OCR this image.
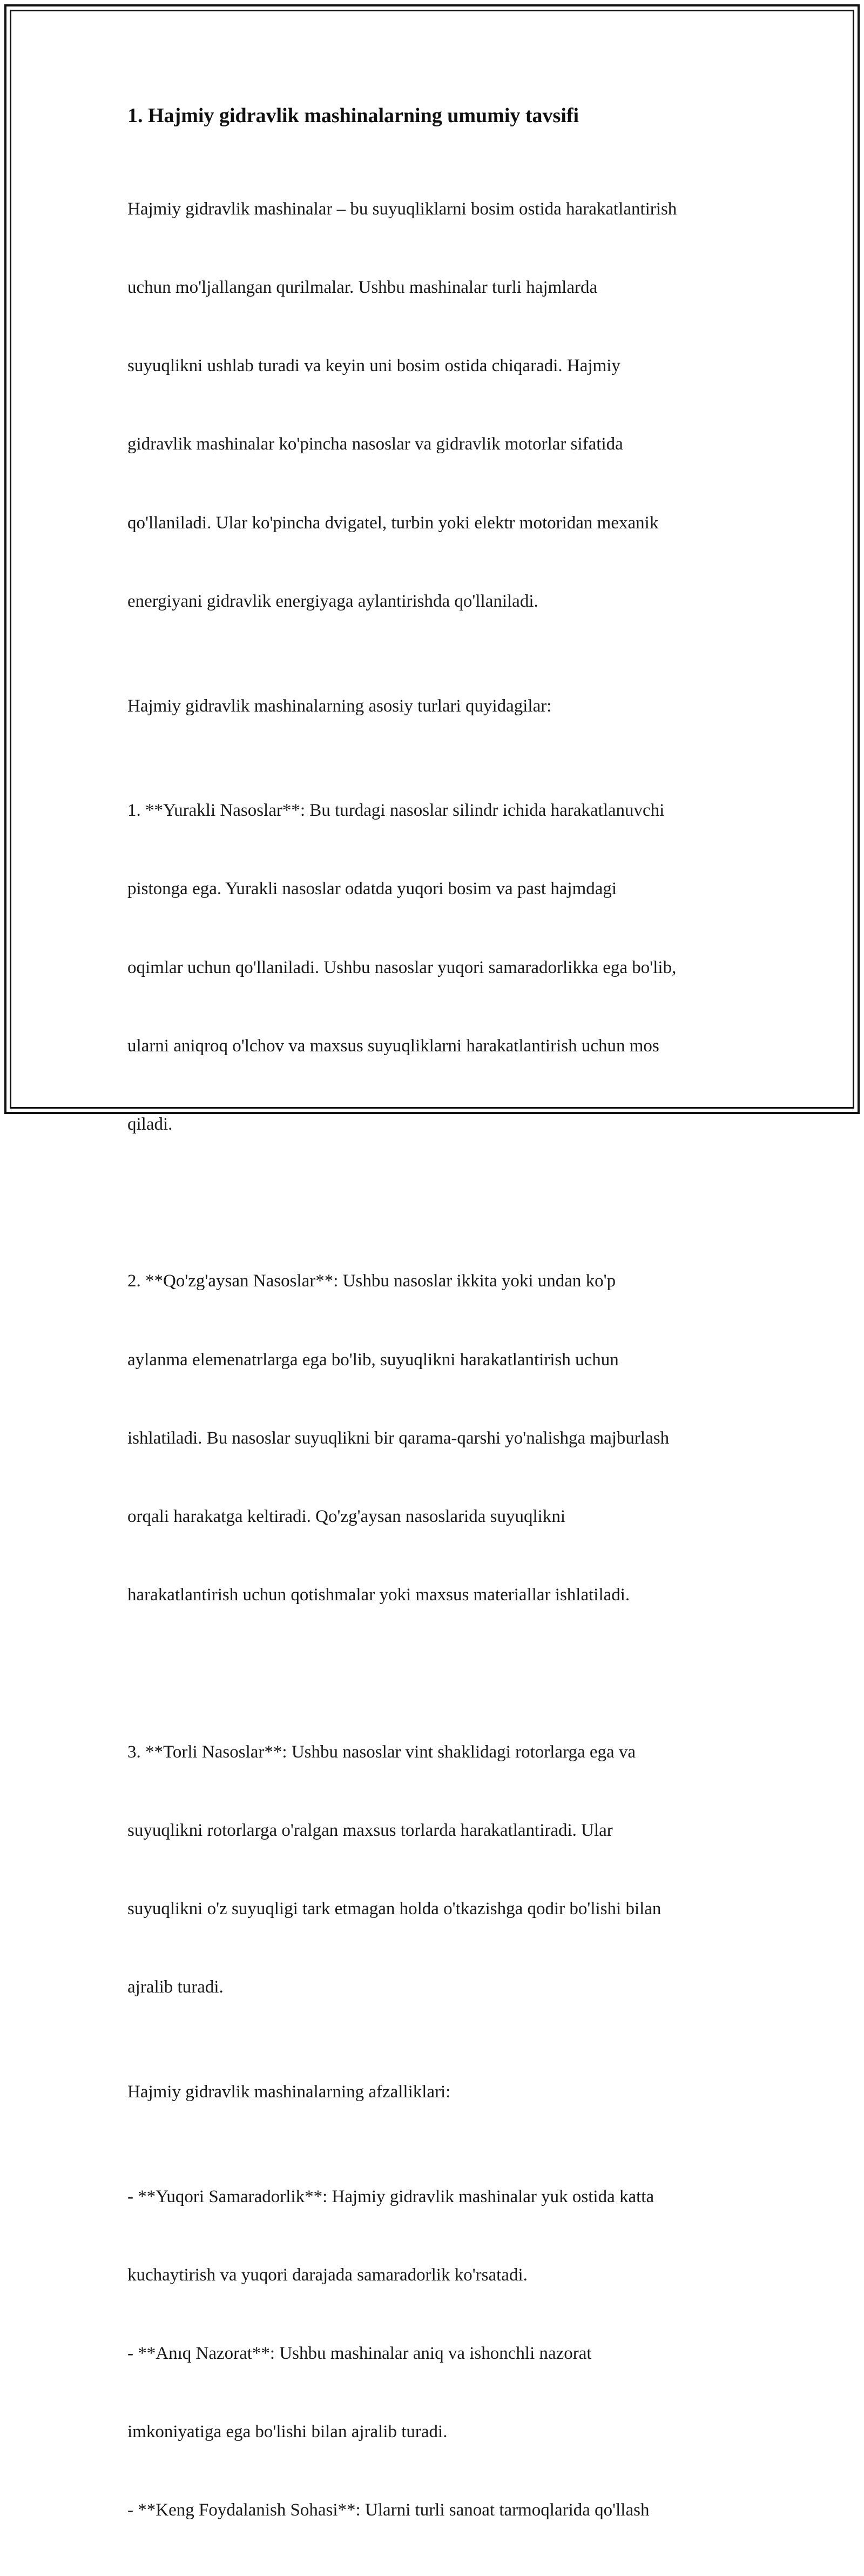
1. Hajmiy gidravlik mashinalarning umumiy tavsifi

Hajmiy gidravlik mashinalar – bu suyuqliklarni bosim ostida harakatlantirish

uchun mo'ljallangan qurilmalar. Ushbu mashinalar turli hajmlarda

suyuqlikni ushlab turadi va keyin uni bosim ostida chiqaradi. Hajmiy

gidravlik mashinalar ko'pincha nasoslar va gidravlik motorlar sifatida

qo'llaniladi. Ular ko'pincha dvigatel, turbin yoki elektr motoridan mexanik

energiyani gidravlik energiyaga aylantirishda qo'llaniladi.

Hajmiy gidravlik mashinalarning asosiy turlari quyidagilar:

1. **Yurakli Nasoslar**: Bu turdagi nasoslar silindr ichida harakatlanuvchi

pistonga ega. Yurakli nasoslar odatda yuqori bosim va past hajmdagi

oqimlar uchun qo'llaniladi. Ushbu nasoslar yuqori samaradorlikka ega bo'lib,

ularni aniqroq o'lchov va maxsus suyuqliklarni harakatlantirish uchun mos

qiladi.

2. **Qo'zg'aysan Nasoslar**: Ushbu nasoslar ikkita yoki undan ko'p

aylanma elemenatrlarga ega bo'lib, suyuqlikni harakatlantirish uchun

ishlatiladi. Bu nasoslar suyuqlikni bir qarama-qarshi yo'nalishga majburlash

orqali harakatga keltiradi. Qo'zg'aysan nasoslarida suyuqlikni

harakatlantirish uchun qotishmalar yoki maxsus materiallar ishlatiladi.

3. **Torli Nasoslar**: Ushbu nasoslar vint shaklidagi rotorlarga ega va

suyuqlikni rotorlarga o'ralgan maxsus torlarda harakatlantiradi. Ular

suyuqlikni o'z suyuqligi tark etmagan holda o'tkazishga qodir bo'lishi bilan

ajralib turadi.

Hajmiy gidravlik mashinalarning afzalliklari:

- **Yuqori Samaradorlik**: Hajmiy gidravlik mashinalar yuk ostida katta

kuchaytirish va yuqori darajada samaradorlik ko'rsatadi.

- **Anıq Nazorat**: Ushbu mashinalar aniq va ishonchli nazorat

imkoniyatiga ega bo'lishi bilan ajralib turadi.

- **Keng Foydalanish Sohasi**: Ularni turli sanoat tarmoqlarida qo'llash
